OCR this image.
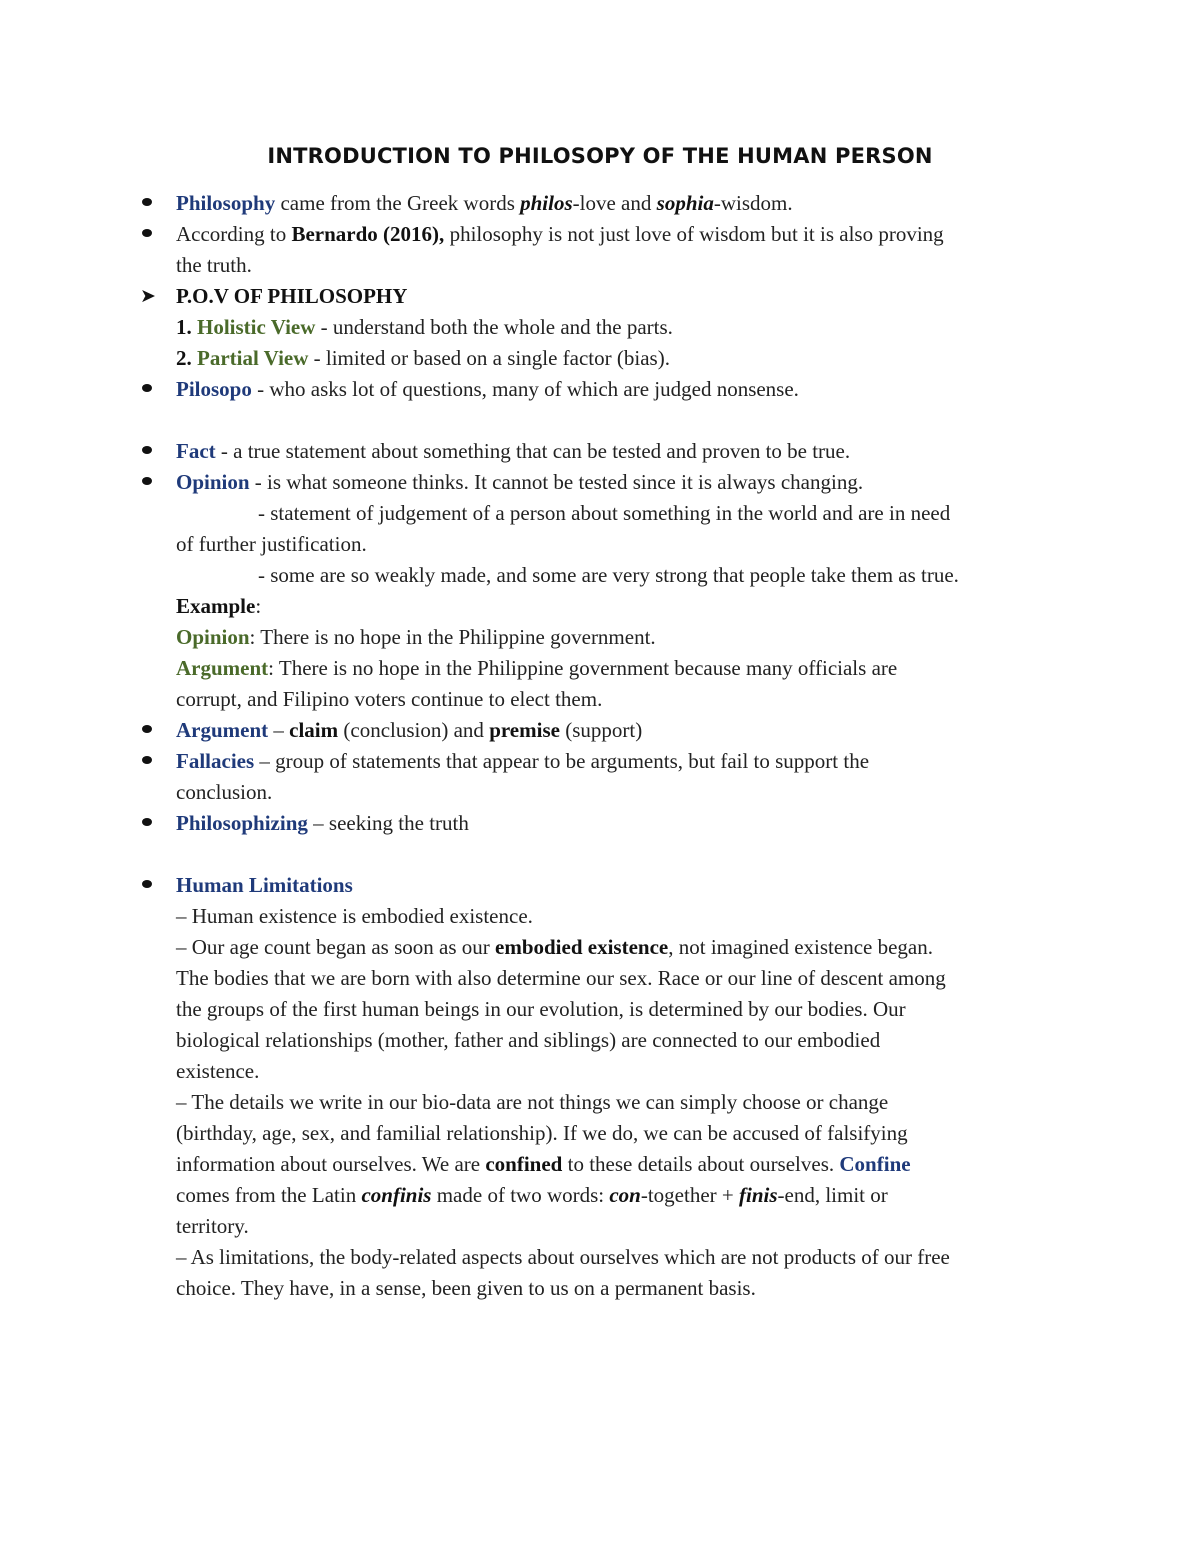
INTRODUCTION TO PHILOSOPY OF THE HUMAN PERSON
Philosophy came from the Greek words philos-love and sophia-wisdom.
According to Bernardo (2016), philosophy is not just love of wisdom but it is also proving
the truth.
➤ P.O.V OF PHILOSOPHY
1. Holistic View - understand both the whole and the parts.
2. Partial View - limited or based on a single factor (bias).
Pilosopo - who asks lot of questions, many of which are judged nonsense.
Fact - a true statement about something that can be tested and proven to be true.
Opinion - is what someone thinks. It cannot be tested since it is always changing.
- statement of judgement of a person about something in the world and are in need
of further justification.
- some are so weakly made, and some are very strong that people take them as true.
Example:
Opinion: There is no hope in the Philippine government.
Argument: There is no hope in the Philippine government because many officials are
corrupt, and Filipino voters continue to elect them.
Argument – claim (conclusion) and premise (support)
Fallacies – group of statements that appear to be arguments, but fail to support the
conclusion.
Philosophizing – seeking the truth
Human Limitations
– Human existence is embodied existence.
– Our age count began as soon as our embodied existence, not imagined existence began.
The bodies that we are born with also determine our sex. Race or our line of descent among
the groups of the first human beings in our evolution, is determined by our bodies. Our
biological relationships (mother, father and siblings) are connected to our embodied
existence.
– The details we write in our bio-data are not things we can simply choose or change
(birthday, age, sex, and familial relationship). If we do, we can be accused of falsifying
information about ourselves. We are confined to these details about ourselves. Confine
comes from the Latin confinis made of two words: con-together + finis-end, limit or
territory.
– As limitations, the body-related aspects about ourselves which are not products of our free
choice. They have, in a sense, been given to us on a permanent basis.
